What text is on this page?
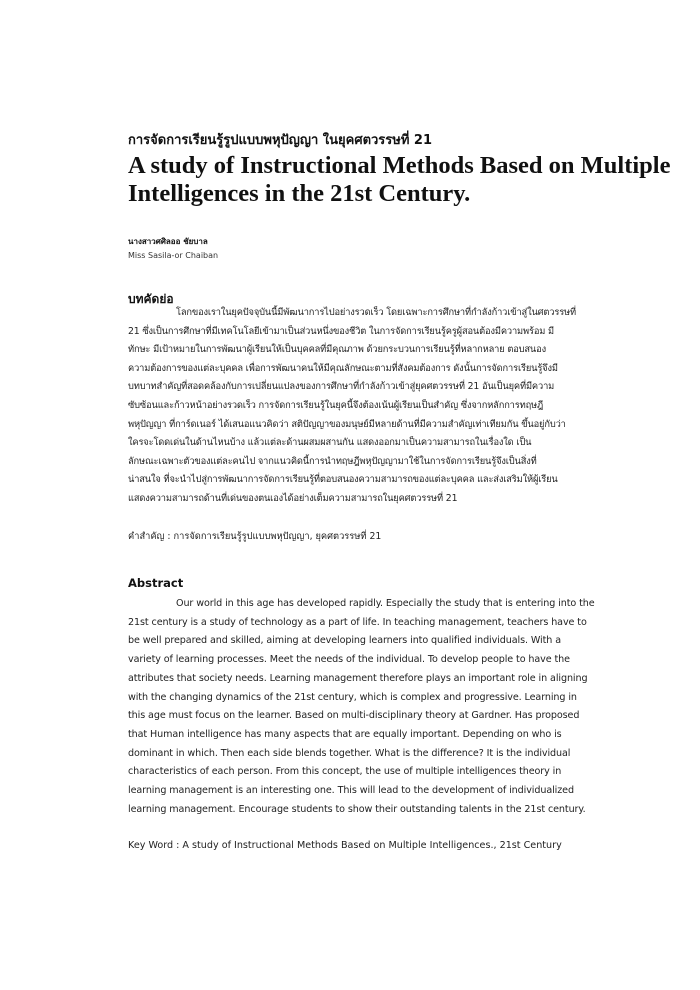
การจัดการเรียนรู้รูปแบบพหุปัญญา ในยุคศตวรรษที่ 21
A study of Instructional Methods Based on Multiple
Intelligences in the 21st Century.
นางสาวศศิลออ ชัยบาล
Miss Sasila-or Chaiban
บทคัดย่อ
โลกของเราในยุคปัจจุบันนี้มีพัฒนาการไปอย่างรวดเร็ว โดยเฉพาะการศึกษาที่กำลังก้าวเข้าสู่ในศตวรรษที่
21 ซึ่งเป็นการศึกษาที่มีเทคโนโลยีเข้ามาเป็นส่วนหนึ่งของชีวิต ในการจัดการเรียนรู้ครูผู้สอนต้องมีความพร้อม มี
ทักษะ มีเป้าหมายในการพัฒนาผู้เรียนให้เป็นบุคคลที่มีคุณภาพ ด้วยกระบวนการเรียนรู้ที่หลากหลาย ตอบสนอง
ความต้องการของแต่ละบุคคล เพื่อการพัฒนาคนให้มีคุณลักษณะตามที่สังคมต้องการ ดังนั้นการจัดการเรียนรู้จึงมี
บทบาทสำคัญที่สอดคล้องกับการเปลี่ยนแปลงของการศึกษาที่กำลังก้าวเข้าสู่ยุคศตวรรษที่ 21 อันเป็นยุคที่มีความ
ซับซ้อนและก้าวหน้าอย่างรวดเร็ว การจัดการเรียนรู้ในยุคนี้จึงต้องเน้นผู้เรียนเป็นสำคัญ ซึ่งจากหลักการทฤษฎี
พหุปัญญา ที่การ์ดเนอร์ ได้เสนอแนวคิดว่า สติปัญญาของมนุษย์มีหลายด้านที่มีความสำคัญเท่าเทียมกัน ขึ้นอยู่กับว่า
ใครจะโดดเด่นในด้านไหนบ้าง แล้วแต่ละด้านผสมผสานกัน แสดงออกมาเป็นความสามารถในเรื่องใด เป็น
ลักษณะเฉพาะตัวของแต่ละคนไป จากแนวคิดนี้การนำทฤษฎีพหุปัญญามาใช้ในการจัดการเรียนรู้จึงเป็นสิ่งที่
น่าสนใจ ที่จะนำไปสู่การพัฒนาการจัดการเรียนรู้ที่ตอบสนองความสามารถของแต่ละบุคคล และส่งเสริมให้ผู้เรียน
แสดงความสามารถด้านที่เด่นของตนเองได้อย่างเต็มความสามารถในยุคศตวรรษที่ 21
คำสำคัญ : การจัดการเรียนรู้รูปแบบพหุปัญญา, ยุคศตวรรษที่ 21
Abstract
Our world in this age has developed rapidly. Especially the study that is entering into the
21st century is a study of technology as a part of life. In teaching management, teachers have to
be well prepared and skilled, aiming at developing learners into qualified individuals. With a
variety of learning processes. Meet the needs of the individual. To develop people to have the
attributes that society needs. Learning management therefore plays an important role in aligning
with the changing dynamics of the 21st century, which is complex and progressive. Learning in
this age must focus on the learner. Based on multi-disciplinary theory at Gardner. Has proposed
that Human intelligence has many aspects that are equally important. Depending on who is
dominant in which. Then each side blends together. What is the difference? It is the individual
characteristics of each person. From this concept, the use of multiple intelligences theory in
learning management is an interesting one. This will lead to the development of individualized
learning management. Encourage students to show their outstanding talents in the 21st century.
Key Word : A study of Instructional Methods Based on Multiple Intelligences., 21st Century
